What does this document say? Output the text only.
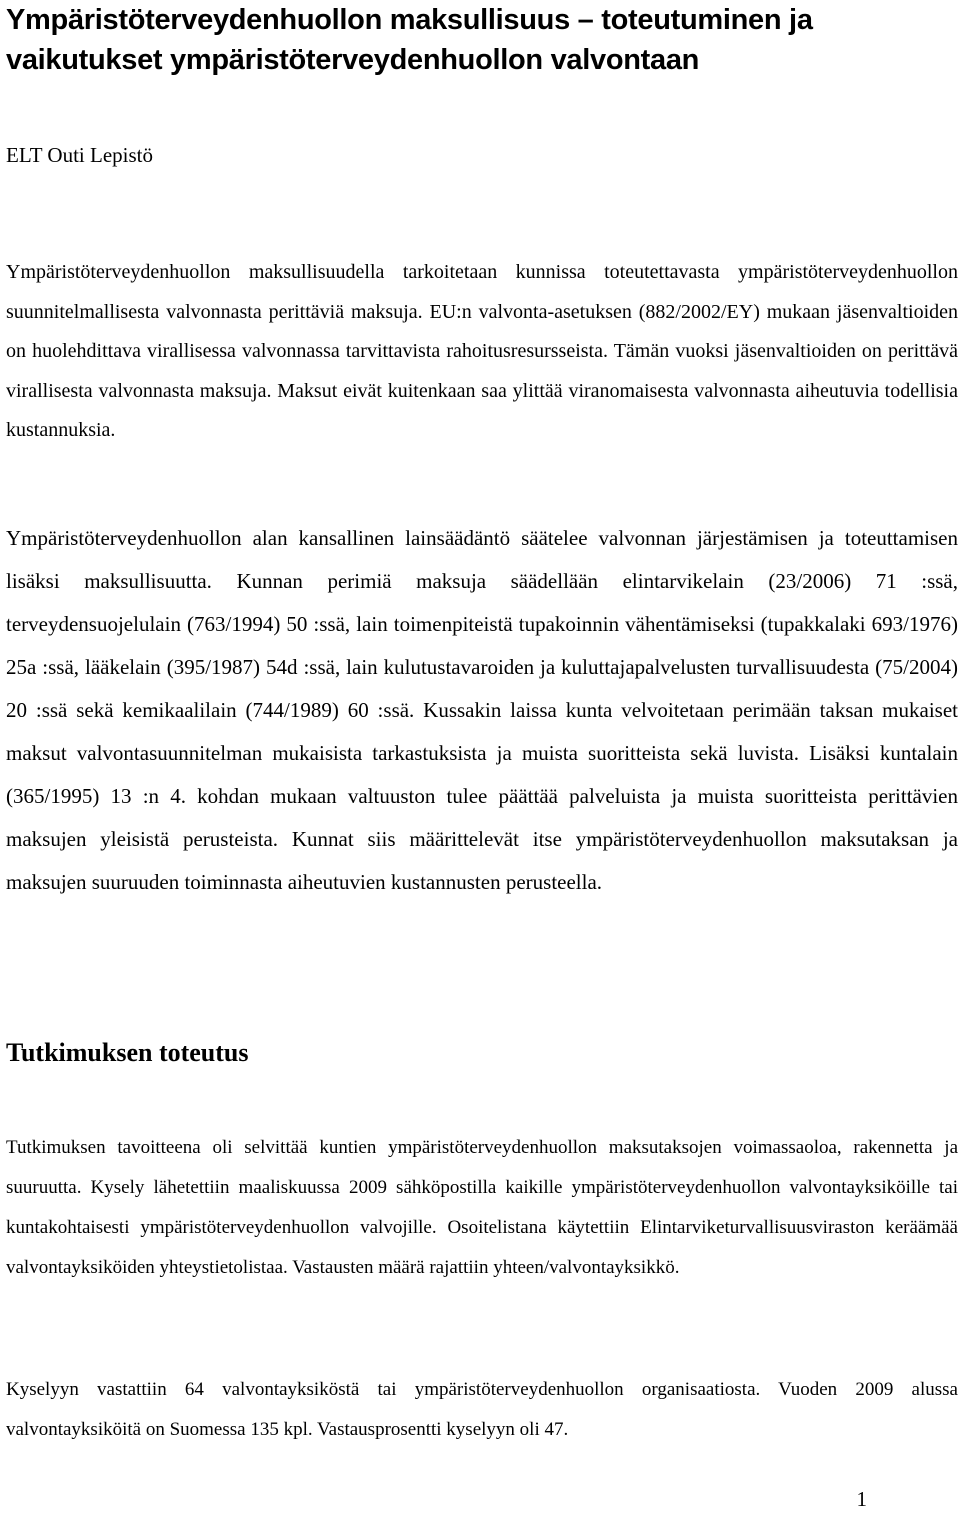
Ympäristöterveydenhuollon maksullisuus – toteutuminen ja vaikutukset ympäristöterveydenhuollon valvontaan

ELT Outi Lepistö

Ympäristöterveydenhuollon maksullisuudella tarkoitetaan kunnissa toteutettavasta ympäristöterveydenhuollon suunnitelmallisesta valvonnasta perittäviä maksuja. EU:n valvonta-asetuksen (882/2002/EY) mukaan jäsenvaltioiden on huolehdittava virallisessa valvonnassa tarvittavista rahoitusresursseista. Tämän vuoksi jäsenvaltioiden on perittävä virallisesta valvonnasta maksuja. Maksut eivät kuitenkaan saa ylittää viranomaisesta valvonnasta aiheutuvia todellisia kustannuksia.

Ympäristöterveydenhuollon alan kansallinen lainsäädäntö säätelee valvonnan järjestämisen ja toteuttamisen lisäksi maksullisuutta. Kunnan perimiä maksuja säädellään elintarvikelain (23/2006) 71 :ssä, terveydensuojelulain (763/1994) 50 :ssä, lain toimenpiteistä tupakoinnin vähentämiseksi (tupakkalaki 693/1976) 25a :ssä, lääkelain (395/1987) 54d :ssä, lain kulutustavaroiden ja kuluttajapalvelusten turvallisuudesta (75/2004) 20 :ssä sekä kemikaalilain (744/1989) 60 :ssä. Kussakin laissa kunta velvoitetaan perimään taksan mukaiset maksut valvontasuunnitelman mukaisista tarkastuksista ja muista suoritteista sekä luvista. Lisäksi kuntalain (365/1995) 13 :n 4. kohdan mukaan valtuuston tulee päättää palveluista ja muista suoritteista perittävien maksujen yleisistä perusteista. Kunnat siis määrittelevät itse ympäristöterveydenhuollon maksutaksan ja maksujen suuruuden toiminnasta aiheutuvien kustannusten perusteella.

Tutkimuksen toteutus

Tutkimuksen tavoitteena oli selvittää kuntien ympäristöterveydenhuollon maksutaksojen voimassaoloa, rakennetta ja suuruutta. Kysely lähetettiin maaliskuussa 2009 sähköpostilla kaikille ympäristöterveydenhuollon valvontayksiköille tai kuntakohtaisesti ympäristöterveydenhuollon valvojille. Osoitelistana käytettiin Elintarviketurvallisuusviraston keräämää valvontayksiköiden yhteystietolistaa. Vastausten määrä rajattiin yhteen/valvontayksikkö.

Kyselyyn vastattiin 64 valvontayksiköstä tai ympäristöterveydenhuollon organisaatiosta. Vuoden 2009 alussa valvontayksiköitä on Suomessa 135 kpl. Vastausprosentti kyselyyn oli 47.

1
